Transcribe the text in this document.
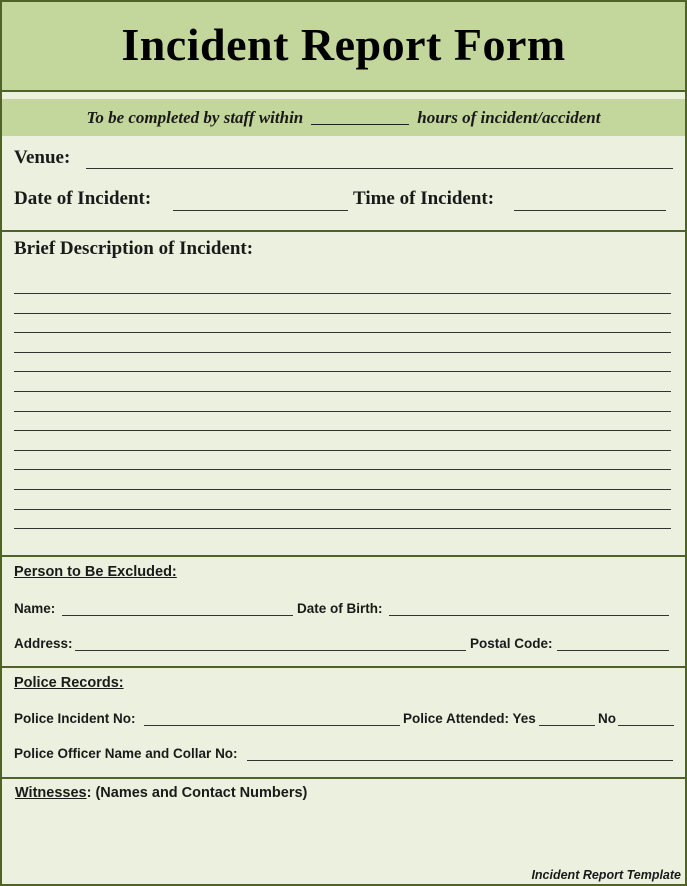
Incident Report Form
To be completed by staff within	hours of incident/accident
Venue:
Date of Incident:	Time of Incident:
Brief Description of Incident:
Person to Be Excluded:
Name:	Date of Birth:
Address:	Postal Code:
Police Records:
Police Incident No:	Police Attended: Yes	No
Police Officer Name and Collar No:
Witnesses: (Names and Contact Numbers)
Incident Report Template
